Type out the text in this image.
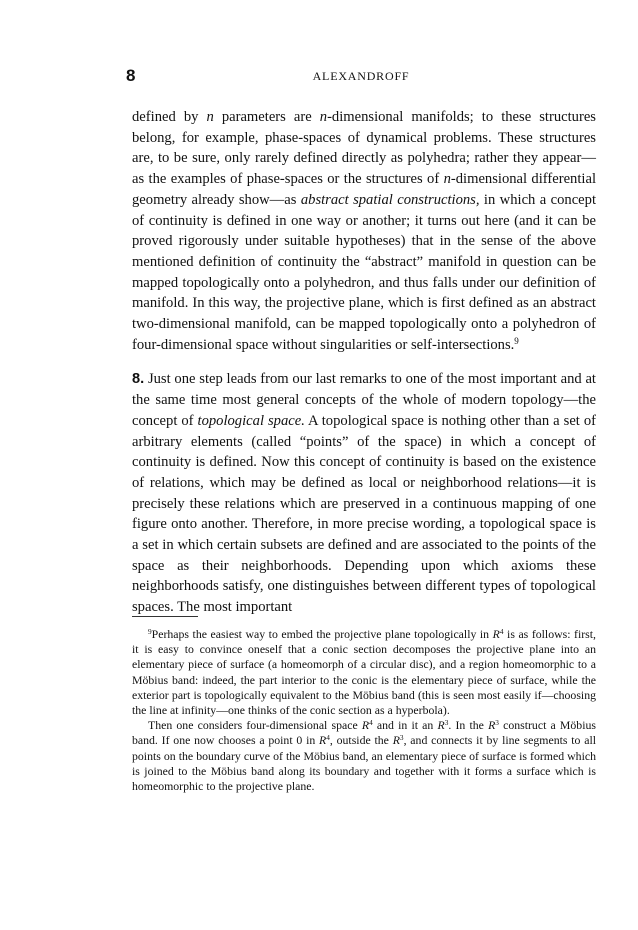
8	ALEXANDROFF

defined by n parameters are n-dimensional manifolds; to these structures belong, for example, phase-spaces of dynamical problems. These structures are, to be sure, only rarely defined directly as polyhedra; rather they appear—as the examples of phase-spaces or the structures of n-dimensional differential geometry already show—as abstract spatial constructions, in which a concept of continuity is defined in one way or another; it turns out here (and it can be proved rigorously under suitable hypotheses) that in the sense of the above mentioned definition of continuity the “abstract” manifold in question can be mapped topologically onto a polyhedron, and thus falls under our definition of manifold. In this way, the projective plane, which is first defined as an abstract two-dimensional manifold, can be mapped topologically onto a polyhedron of four-dimensional space without singularities or self-intersections.$^9$

8. Just one step leads from our last remarks to one of the most important and at the same time most general concepts of the whole of modern topology—the concept of topological space. A topological space is nothing other than a set of arbitrary elements (called “points” of the space) in which a concept of continuity is defined. Now this concept of continuity is based on the existence of relations, which may be defined as local or neighborhood relations—it is precisely these relations which are preserved in a continuous mapping of one figure onto another. Therefore, in more precise wording, a topological space is a set in which certain subsets are defined and are associated to the points of the space as their neighborhoods. Depending upon which axioms these neighborhoods satisfy, one distinguishes between different types of topological spaces. The most important

$^9$Perhaps the easiest way to embed the projective plane topologically in $R^4$ is as follows: first, it is easy to convince oneself that a conic section decomposes the projective plane into an elementary piece of surface (a homeomorph of a circular disc), and a region homeomorphic to a Möbius band: indeed, the part interior to the conic is the elementary piece of surface, while the exterior part is topologically equivalent to the Möbius band (this is seen most easily if—choosing the line at infinity—one thinks of the conic section as a hyperbola).

Then one considers four-dimensional space $R^4$ and in it an $R^3$. In the $R^3$ construct a Möbius band. If one now chooses a point 0 in $R^4$, outside the $R^3$, and connects it by line segments to all points on the boundary curve of the Möbius band, an elementary piece of surface is formed which is joined to the Möbius band along its boundary and together with it forms a surface which is homeomorphic to the projective plane.
